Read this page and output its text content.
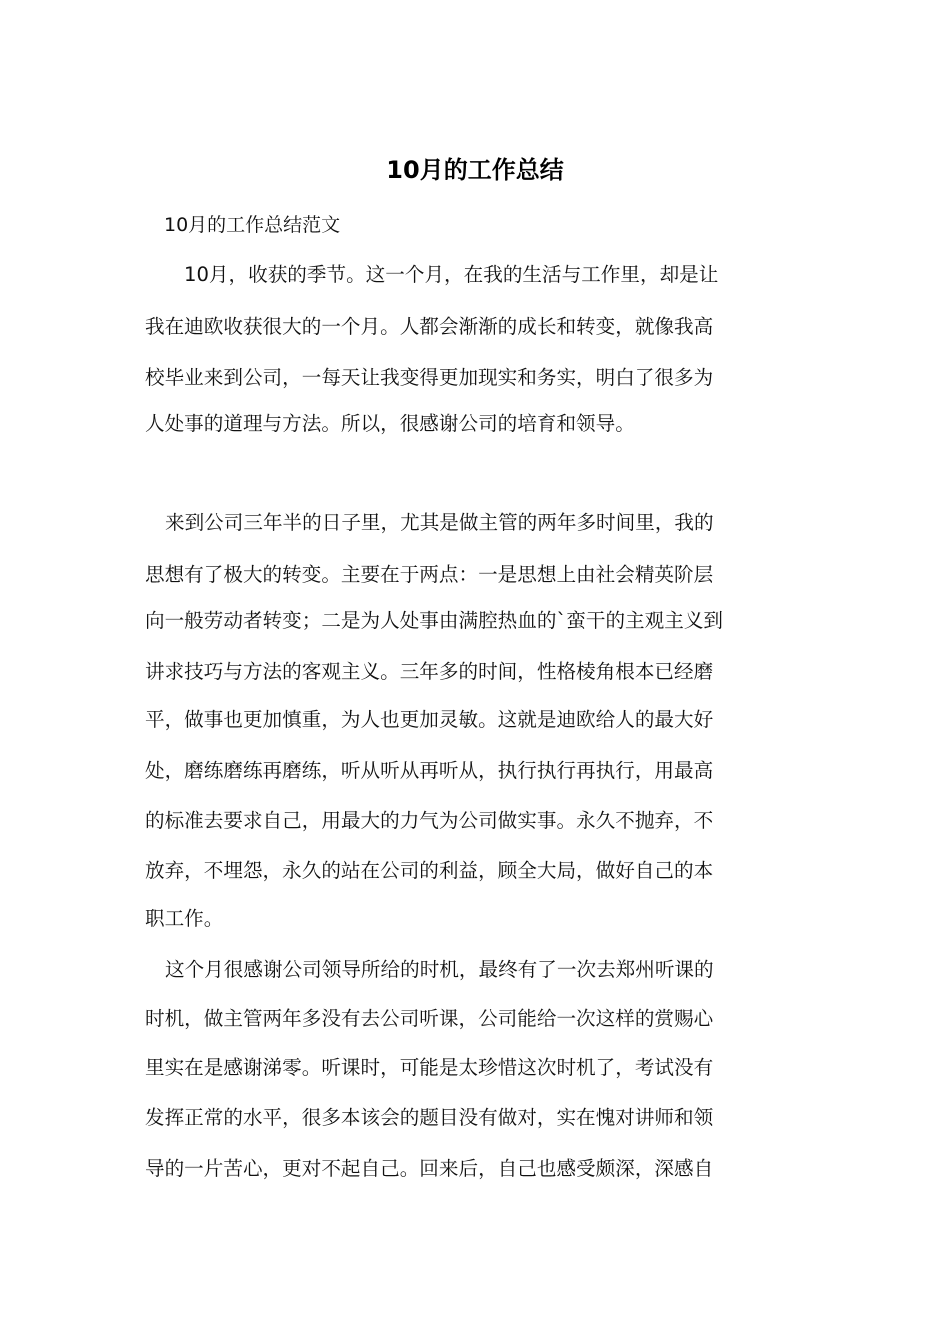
10月的工作总结
10月的工作总结范文
10月，收获的季节。这一个月，在我的生活与工作里，却是让
我在迪欧收获很大的一个月。人都会渐渐的成长和转变，就像我高
校毕业来到公司，一每天让我变得更加现实和务实，明白了很多为
人处事的道理与方法。所以，很感谢公司的培育和领导。
来到公司三年半的日子里，尤其是做主管的两年多时间里，我的
思想有了极大的转变。主要在于两点：一是思想上由社会精英阶层
向一般劳动者转变；二是为人处事由满腔热血的`蛮干的主观主义到
讲求技巧与方法的客观主义。三年多的时间，性格棱角根本已经磨
平，做事也更加慎重，为人也更加灵敏。这就是迪欧给人的最大好
处，磨练磨练再磨练，听从听从再听从，执行执行再执行，用最高
的标准去要求自己，用最大的力气为公司做实事。永久不抛弃，不
放弃，不埋怨，永久的站在公司的利益，顾全大局，做好自己的本
职工作。
这个月很感谢公司领导所给的时机，最终有了一次去郑州听课的
时机，做主管两年多没有去公司听课，公司能给一次这样的赏赐心
里实在是感谢涕零。听课时，可能是太珍惜这次时机了，考试没有
发挥正常的水平，很多本该会的题目没有做对，实在愧对讲师和领
导的一片苦心，更对不起自己。回来后，自己也感受颇深，深感自
